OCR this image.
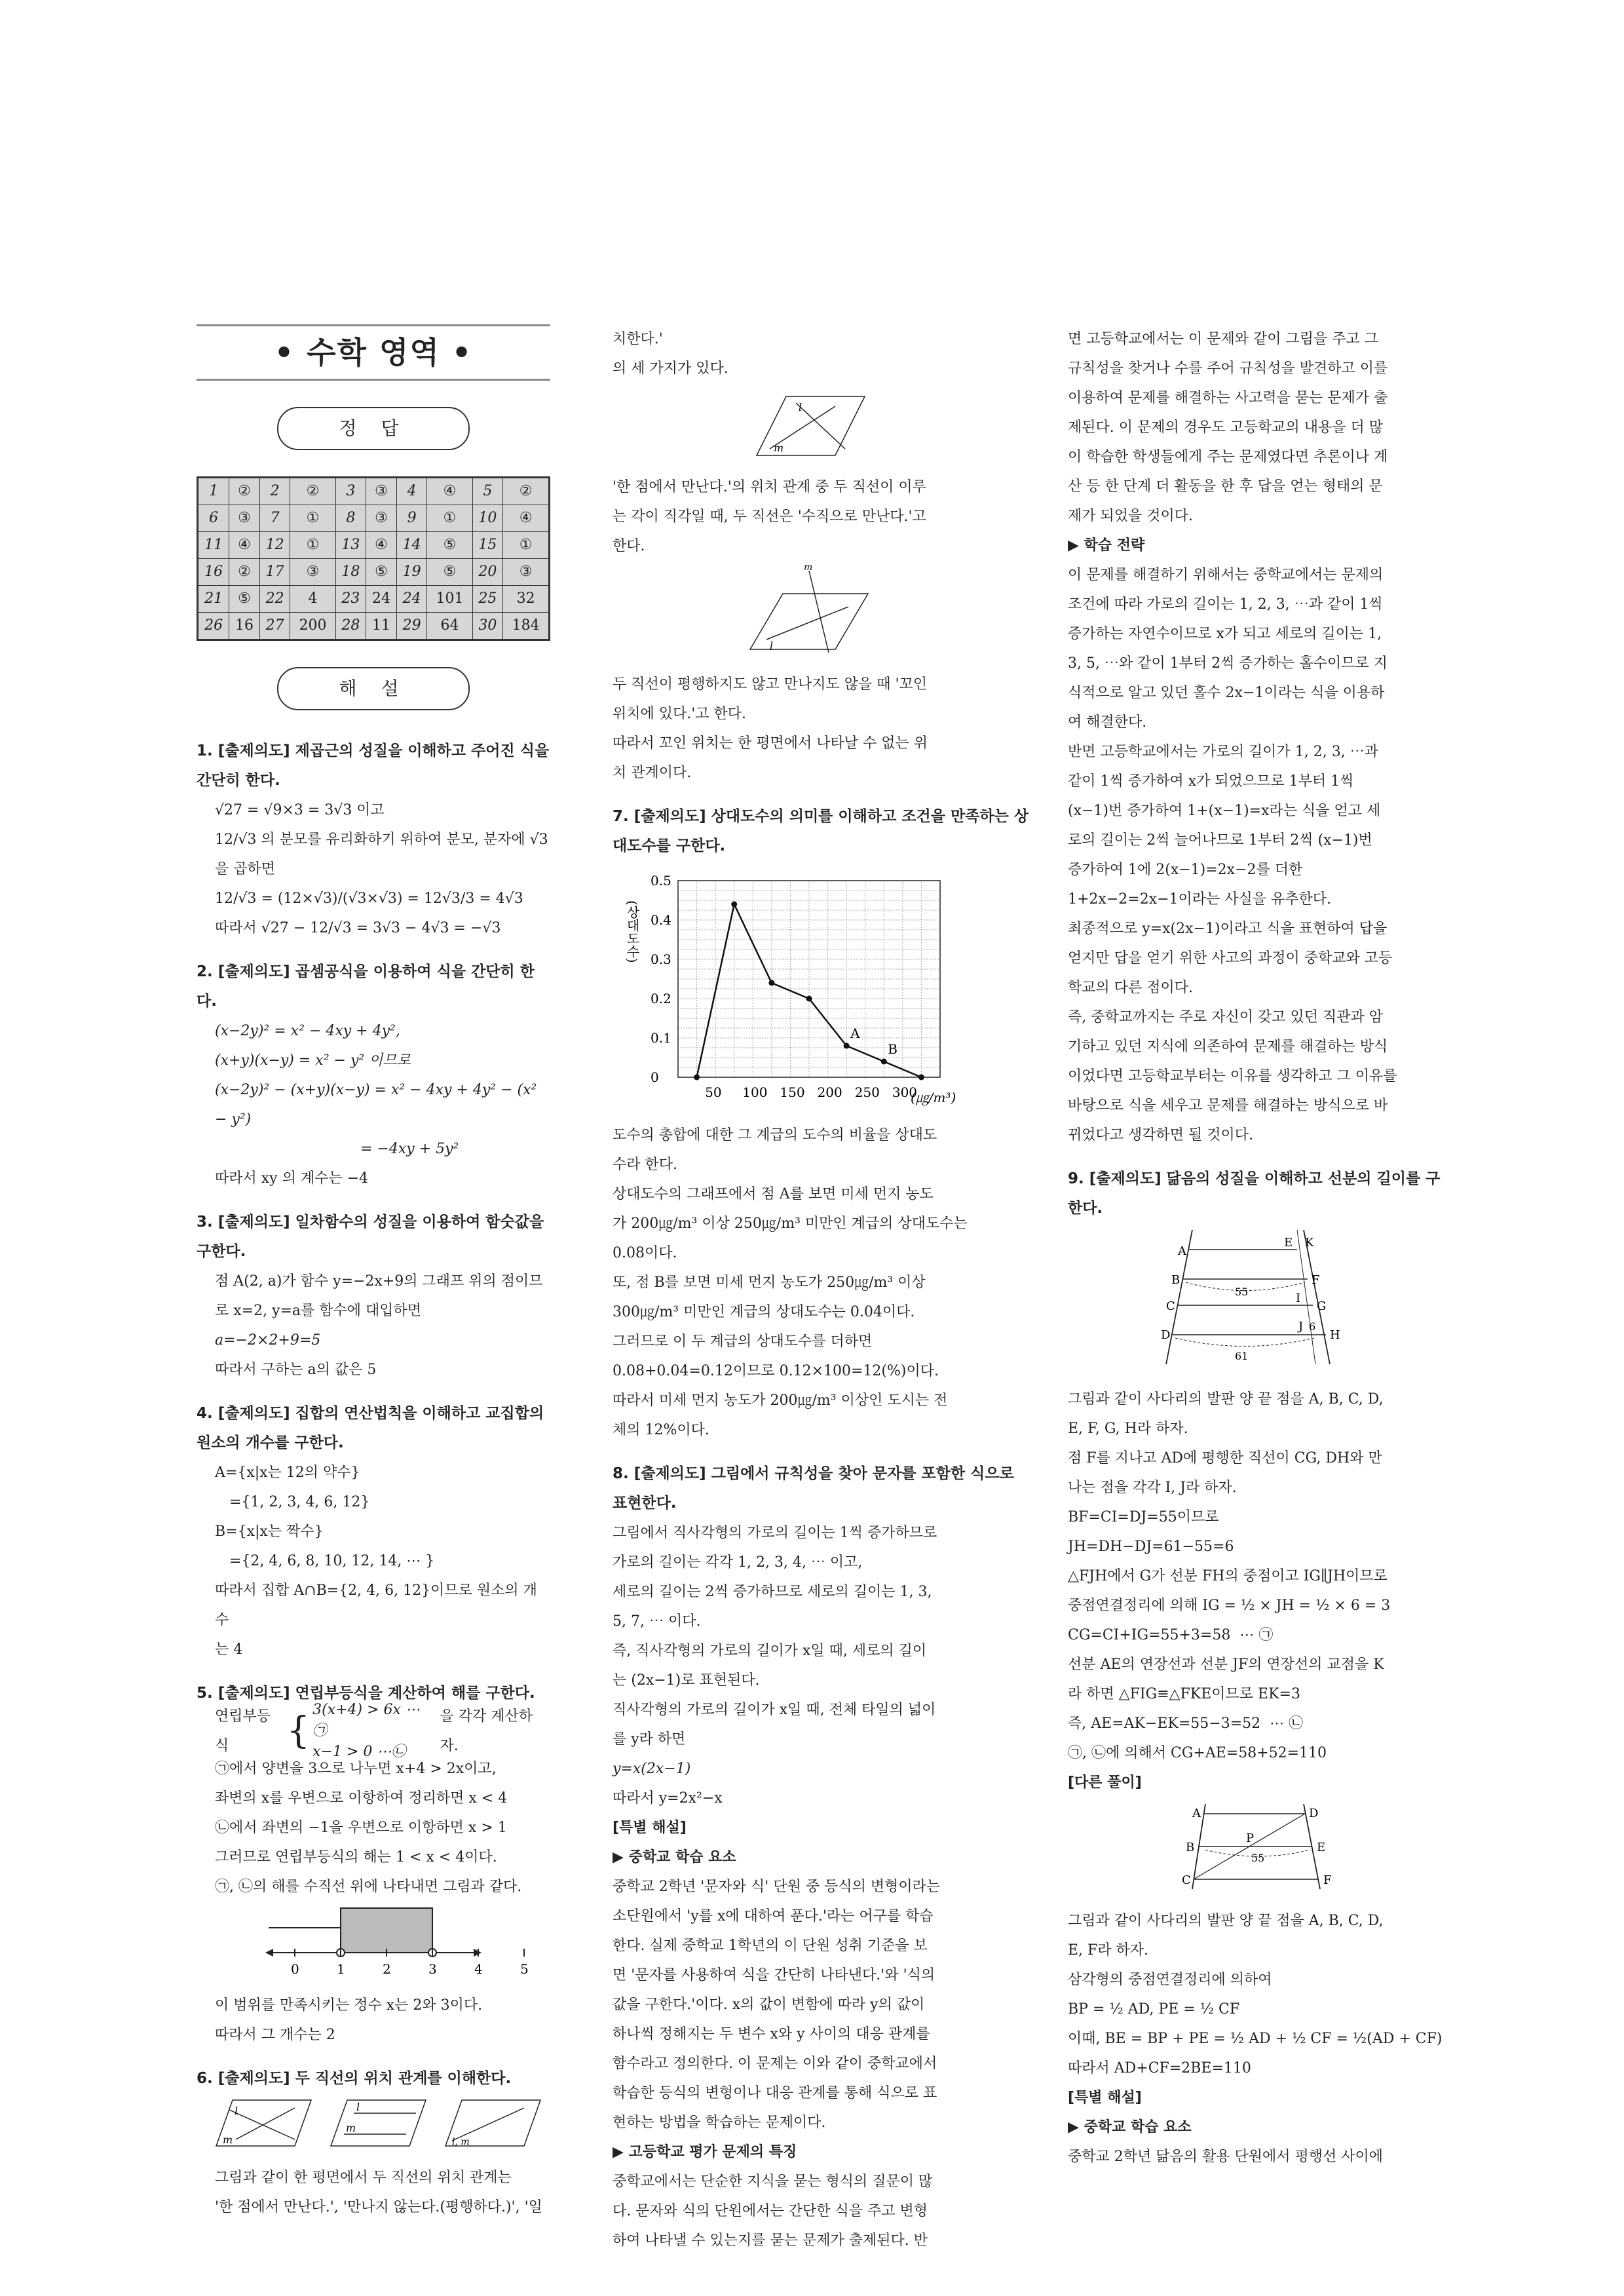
• 수학 영역 •
정 답
1	②	2	②	3	③	4	④	5	②
6	③	7	①	8	③	9	①	10	④
11	④	12	①	13	④	14	⑤	15	①
16	②	17	③	18	⑤	19	⑤	20	③
21	⑤	22	4	23	24	24	101	25	32
26	16	27	200	28	11	29	64	30	184
해 설
1. [출제의도] 제곱근의 성질을 이해하고 주어진 식을 간단히 한다.

√27 = √9×3 = 3√3 이고

12/√3 의 분모를 유리화하기 위하여 분모, 분자에 √3

을 곱하면

12/√3 = (12×√3)/(√3×√3) = 12√3/3 = 4√3

따라서 √27 − 12/√3 = 3√3 − 4√3 = −√3

2. [출제의도] 곱셈공식을 이용하여 식을 간단히 한다.

(x−2y)² = x² − 4xy + 4y²,

(x+y)(x−y) = x² − y² 이므로

(x−2y)² − (x+y)(x−y) = x² − 4xy + 4y² − (x² − y²)

= −4xy + 5y²

따라서 xy 의 계수는 −4

3. [출제의도] 일차함수의 성질을 이용하여 함숫값을 구한다.

점 A(2, a)가 함수 y=−2x+9의 그래프 위의 점이므

로 x=2, y=a를 함수에 대입하면

a=−2×2+9=5

따라서 구하는 a의 값은 5

4. [출제의도] 집합의 연산법칙을 이해하고 교집합의 원소의 개수를 구한다.

A={x|x는 12의 약수}

={1, 2, 3, 4, 6, 12}

B={x|x는 짝수}

={2, 4, 6, 8, 10, 12, 14, ⋯ }

따라서 집합 A∩B={2, 4, 6, 12}이므로 원소의 개수

는 4

5. [출제의도] 연립부등식을 계산하여 해를 구한다.
연립부등식	{ 3(x+4) > 6x ⋯㉠
x−1 > 0 ⋯㉡
을 각각 계산하자.

㉠에서 양변을 3으로 나누면 x+4 > 2x이고,

좌변의 x를 우변으로 이항하여 정리하면 x < 4

㉡에서 좌변의 −1을 우변으로 이항하면 x > 1

그러므로 연립부등식의 해는 1 < x < 4이다.

㉠, ㉡의 해를 수직선 위에 나타내면 그림과 같다.

0	1	2	3	4	5

이 범위를 만족시키는 정수 x는 2와 3이다.

따라서 그 개수는 2

6. [출제의도] 두 직선의 위치 관계를 이해한다.
l
m
l
m
l, m

그림과 같이 한 평면에서 두 직선의 위치 관계는

'한 점에서 만난다.', '만나지 않는다.(평행하다.)', '일

치한다.'

의 세 가지가 있다.

l
m

'한 점에서 만난다.'의 위치 관계 중 두 직선이 이루

는 각이 직각일 때, 두 직선은 '수직으로 만난다.'고

한다.

m
l

두 직선이 평행하지도 않고 만나지도 않을 때 '꼬인

위치에 있다.'고 한다.

따라서 꼬인 위치는 한 평면에서 나타날 수 없는 위

치 관계이다.

7. [출제의도] 상대도수의 의미를 이해하고 조건을 만족하는 상대도수를 구한다.
(상대도수)
0
0.1
0.2
0.3
0.4
0.5
50 100 150 200 250 300
A
B
(㎍/m³)

도수의 총합에 대한 그 계급의 도수의 비율을 상대도

수라 한다.

상대도수의 그래프에서 점 A를 보면 미세 먼지 농도

가 200㎍/m³ 이상 250㎍/m³ 미만인 계급의 상대도수는

0.08이다.

또, 점 B를 보면 미세 먼지 농도가 250㎍/m³ 이상

300㎍/m³ 미만인 계급의 상대도수는 0.04이다.

그러므로 이 두 계급의 상대도수를 더하면

0.08+0.04=0.12이므로 0.12×100=12(%)이다.

따라서 미세 먼지 농도가 200㎍/m³ 이상인 도시는 전

체의 12%이다.

8. [출제의도] 그림에서 규칙성을 찾아 문자를 포함한 식으로 표현한다.

그림에서 직사각형의 가로의 길이는 1씩 증가하므로

가로의 길이는 각각 1, 2, 3, 4, ⋯ 이고,

세로의 길이는 2씩 증가하므로 세로의 길이는 1, 3,

5, 7, ⋯ 이다.

즉, 직사각형의 가로의 길이가 x일 때, 세로의 길이

는 (2x−1)로 표현된다.

직사각형의 가로의 길이가 x일 때, 전체 타일의 넓이

를 y라 하면

y=x(2x−1)

따라서 y=2x²−x

[특별 해설]

▶ 중학교 학습 요소

중학교 2학년 '문자와 식' 단원 중 등식의 변형이라는

소단원에서 'y를 x에 대하여 푼다.'라는 어구를 학습

한다. 실제 중학교 1학년의 이 단원 성취 기준을 보

면 '문자를 사용하여 식을 간단히 나타낸다.'와 '식의

값을 구한다.'이다. x의 값이 변함에 따라 y의 값이

하나씩 정해지는 두 변수 x와 y 사이의 대응 관계를

함수라고 정의한다. 이 문제는 이와 같이 중학교에서

학습한 등식의 변형이나 대응 관계를 통해 식으로 표

현하는 방법을 학습하는 문제이다.

▶ 고등학교 평가 문제의 특징

중학교에서는 단순한 지식을 묻는 형식의 질문이 많

다. 문자와 식의 단원에서는 간단한 식을 주고 변형

하여 나타낼 수 있는지를 묻는 문제가 출제된다. 반

면 고등학교에서는 이 문제와 같이 그림을 주고 그

규칙성을 찾거나 수를 주어 규칙성을 발견하고 이를

이용하여 문제를 해결하는 사고력을 묻는 문제가 출

제된다. 이 문제의 경우도 고등학교의 내용을 더 많

이 학습한 학생들에게 주는 문제였다면 추론이나 계

산 등 한 단계 더 활동을 한 후 답을 얻는 형태의 문

제가 되었을 것이다.

▶ 학습 전략

이 문제를 해결하기 위해서는 중학교에서는 문제의

조건에 따라 가로의 길이는 1, 2, 3, ⋯과 같이 1씩

증가하는 자연수이므로 x가 되고 세로의 길이는 1,

3, 5, ⋯와 같이 1부터 2씩 증가하는 홀수이므로 지

식적으로 알고 있던 홀수 2x−1이라는 식을 이용하

여 해결한다.

반면 고등학교에서는 가로의 길이가 1, 2, 3, ⋯과

같이 1씩 증가하여 x가 되었으므로 1부터 1씩

(x−1)번 증가하여 1+(x−1)=x라는 식을 얻고 세

로의 길이는 2씩 늘어나므로 1부터 2씩 (x−1)번

증가하여 1에 2(x−1)=2x−2를 더한

1+2x−2=2x−1이라는 사실을 유추한다.

최종적으로 y=x(2x−1)이라고 식을 표현하여 답을

얻지만 답을 얻기 위한 사고의 과정이 중학교와 고등

학교의 다른 점이다.

즉, 중학교까지는 주로 자신이 갖고 있던 직관과 암

기하고 있던 지식에 의존하여 문제를 해결하는 방식

이었다면 고등학교부터는 이유를 생각하고 그 이유를

바탕으로 식을 세우고 문제를 해결하는 방식으로 바

뀌었다고 생각하면 될 것이다.

9. [출제의도] 닮음의 성질을 이해하고 선분의 길이를 구한다.
A
E K
B	F
55
C
I
G
J 6
D	H
61

그림과 같이 사다리의 발판 양 끝 점을 A, B, C, D,

E, F, G, H라 하자.

점 F를 지나고 AD에 평행한 직선이 CG, DH와 만

나는 점을 각각 I, J라 하자.

BF=CI=DJ=55이므로

JH=DH−DJ=61−55=6

△FJH에서 G가 선분 FH의 중점이고 IG∥JH이므로

중점연결정리에 의해 IG = ½ × JH = ½ × 6 = 3

CG=CI+IG=55+3=58  ⋯ ㉠

선분 AE의 연장선과 선분 JF의 연장선의 교점을 K

라 하면 △FIG≡△FKE이므로 EK=3

즉, AE=AK−EK=55−3=52  ⋯ ㉡

㉠, ㉡에 의해서 CG+AE=58+52=110

[다른 풀이]

A	D
P
B	E
55
C	F

그림과 같이 사다리의 발판 양 끝 점을 A, B, C, D,

E, F라 하자.

삼각형의 중점연결정리에 의하여

BP = ½ AD, PE = ½ CF

이때, BE = BP + PE = ½ AD + ½ CF = ½(AD + CF)

따라서 AD+CF=2BE=110

[특별 해설]

▶ 중학교 학습 요소

중학교 2학년 닮음의 활용 단원에서 평행선 사이에
